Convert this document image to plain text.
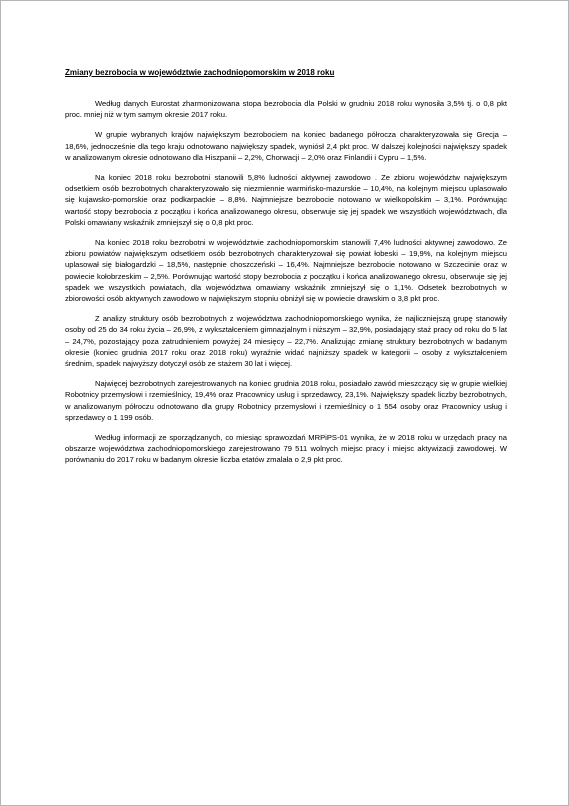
Zmiany bezrobocia w województwie zachodniopomorskim w 2018 roku

Według danych Eurostat zharmonizowana stopa bezrobocia dla Polski w grudniu 2018 roku wynosiła 3,5% tj. o 0,8 pkt proc. mniej niż w tym samym okresie 2017 roku.

W grupie wybranych krajów największym bezrobociem na koniec badanego półrocza charakteryzowała się Grecja – 18,6%, jednocześnie dla tego kraju odnotowano największy spadek, wyniósł 2,4 pkt proc. W dalszej kolejności największy spadek w analizowanym okresie odnotowano dla Hiszpanii – 2,2%, Chorwacji – 2,0% oraz Finlandii i Cypru – 1,5%.

Na koniec 2018 roku bezrobotni stanowili 5,8% ludności aktywnej zawodowo . Ze zbioru województw największym odsetkiem osób bezrobotnych charakteryzowało się niezmiennie warmińsko-mazurskie – 10,4%, na kolejnym miejscu uplasowało się kujawsko-pomorskie oraz podkarpackie – 8,8%. Najmniejsze bezrobocie notowano w wielkopolskim – 3,1%. Porównując wartość stopy bezrobocia z początku i końca analizowanego okresu, obserwuje się jej spadek we wszystkich województwach, dla Polski omawiany wskaźnik zmniejszył się o 0,8 pkt proc.

Na koniec 2018 roku bezrobotni w województwie zachodniopomorskim stanowili 7,4% ludności aktywnej zawodowo. Ze zbioru powiatów największym odsetkiem osób bezrobotnych charakteryzował się powiat łobeski – 19,9%, na kolejnym miejscu uplasował się białogardzki – 18,5%, następnie choszczeński – 16,4%. Najmniejsze bezrobocie notowano w Szczecinie oraz w powiecie kołobrzeskim – 2,5%. Porównując wartość stopy bezrobocia z początku i końca analizowanego okresu, obserwuje się jej spadek we wszystkich powiatach, dla województwa omawiany wskaźnik zmniejszył się o 1,1%. Odsetek bezrobotnych w zbiorowości osób aktywnych zawodowo w największym stopniu obniżył się w powiecie drawskim o 3,8 pkt proc.

Z analizy struktury osób bezrobotnych z województwa zachodniopomorskiego wynika, że najliczniejszą grupę stanowiły osoby od 25 do 34 roku życia – 26,9%, z wykształceniem gimnazjalnym i niższym – 32,9%, posiadający staż pracy od roku do 5 lat – 24,7%, pozostający poza zatrudnieniem powyżej 24 miesięcy – 22,7%. Analizując zmianę struktury bezrobotnych w badanym okresie (koniec grudnia 2017 roku oraz 2018 roku) wyraźnie widać najniższy spadek w kategorii – osoby z wykształceniem średnim, spadek najwyższy dotyczył osób ze stażem 30 lat i więcej.

Najwięcej bezrobotnych zarejestrowanych na koniec grudnia 2018 roku, posiadało zawód mieszczący się w grupie wielkiej Robotnicy przemysłowi i rzemieślnicy, 19,4% oraz Pracownicy usług i sprzedawcy, 23,1%. Największy spadek liczby bezrobotnych, w analizowanym półroczu odnotowano dla grupy Robotnicy przemysłowi i rzemieślnicy o 1 554 osoby oraz Pracownicy usług i sprzedawcy o 1 199 osób.

Według informacji ze sporządzanych, co miesiąc sprawozdań MRPiPS-01 wynika, że w 2018 roku w urzędach pracy na obszarze województwa zachodniopomorskiego zarejestrowano 79 511 wolnych miejsc pracy i miejsc aktywizacji zawodowej. W porównaniu do 2017 roku w badanym okresie liczba etatów zmalała o 2,9 pkt proc.
